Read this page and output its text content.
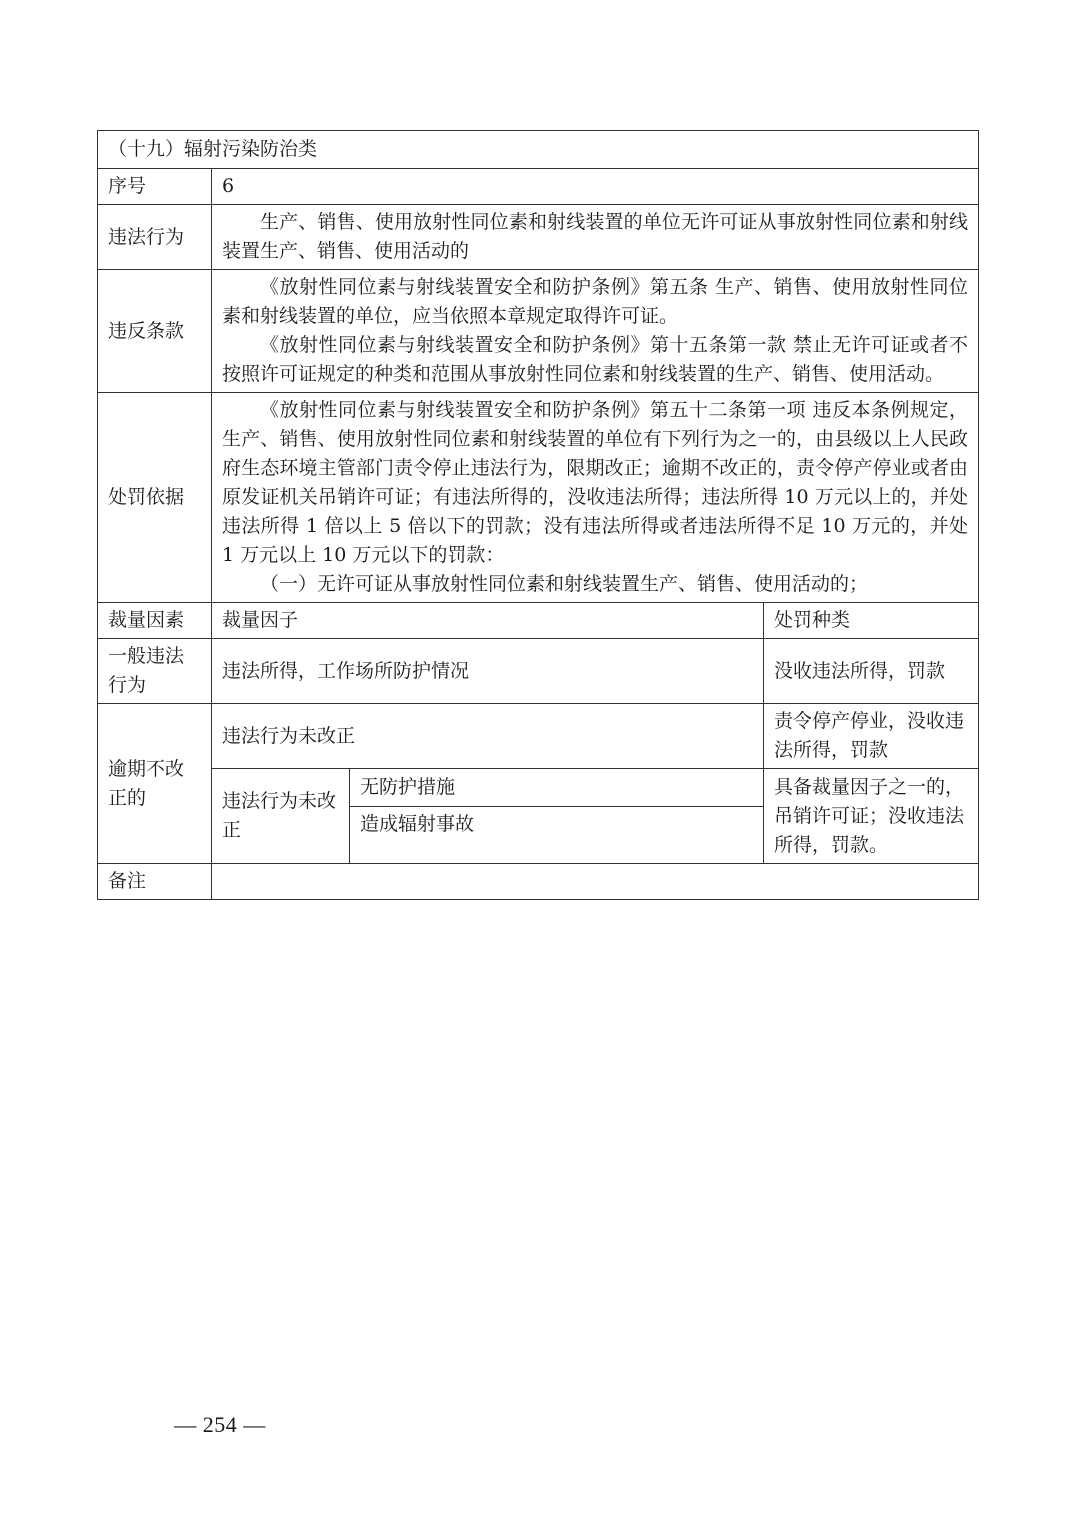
（十九）辐射污染防治类			
序号	6		
违法行为	生产、销售、使用放射性同位素和射线装置的单位无许可证从事放射性同位素和射线装置生产、销售、使用活动的		

违反条款	《放射性同位素与射线装置安全和防护条例》第五条 生产、销售、使用放射性同位素和射线装置的单位，应当依照本章规定取得许可证。
《放射性同位素与射线装置安全和防护条例》第十五条第一款 禁止无许可证或者不按照许可证规定的种类和范围从事放射性同位素和射线装置的生产、销售、使用活动。		

处罚依据	《放射性同位素与射线装置安全和防护条例》第五十二条第一项 违反本条例规定，生产、销售、使用放射性同位素和射线装置的单位有下列行为之一的，由县级以上人民政府生态环境主管部门责令停止违法行为，限期改正；逾期不改正的，责令停产停业或者由原发证机关吊销许可证；有违法所得的，没收违法所得；违法所得 10 万元以上的，并处违法所得 1 倍以上 5 倍以下的罚款；没有违法所得或者违法所得不足 10 万元的，并处 1 万元以上 10 万元以下的罚款：
（一）无许可证从事放射性同位素和射线装置生产、销售、使用活动的；		

裁量因素	裁量因子		处罚种类
一般违法行为	违法所得，工作场所防护情况		没收违法所得，罚款
逾期不改正的	违法行为未改正		责令停产停业，没收违法所得，罚款
	违法行为未改正	无防护措施	具备裁量因子之一的，吊销许可证；没收违法所得，罚款。
		造成辐射事故	
备注			
— 254 —
